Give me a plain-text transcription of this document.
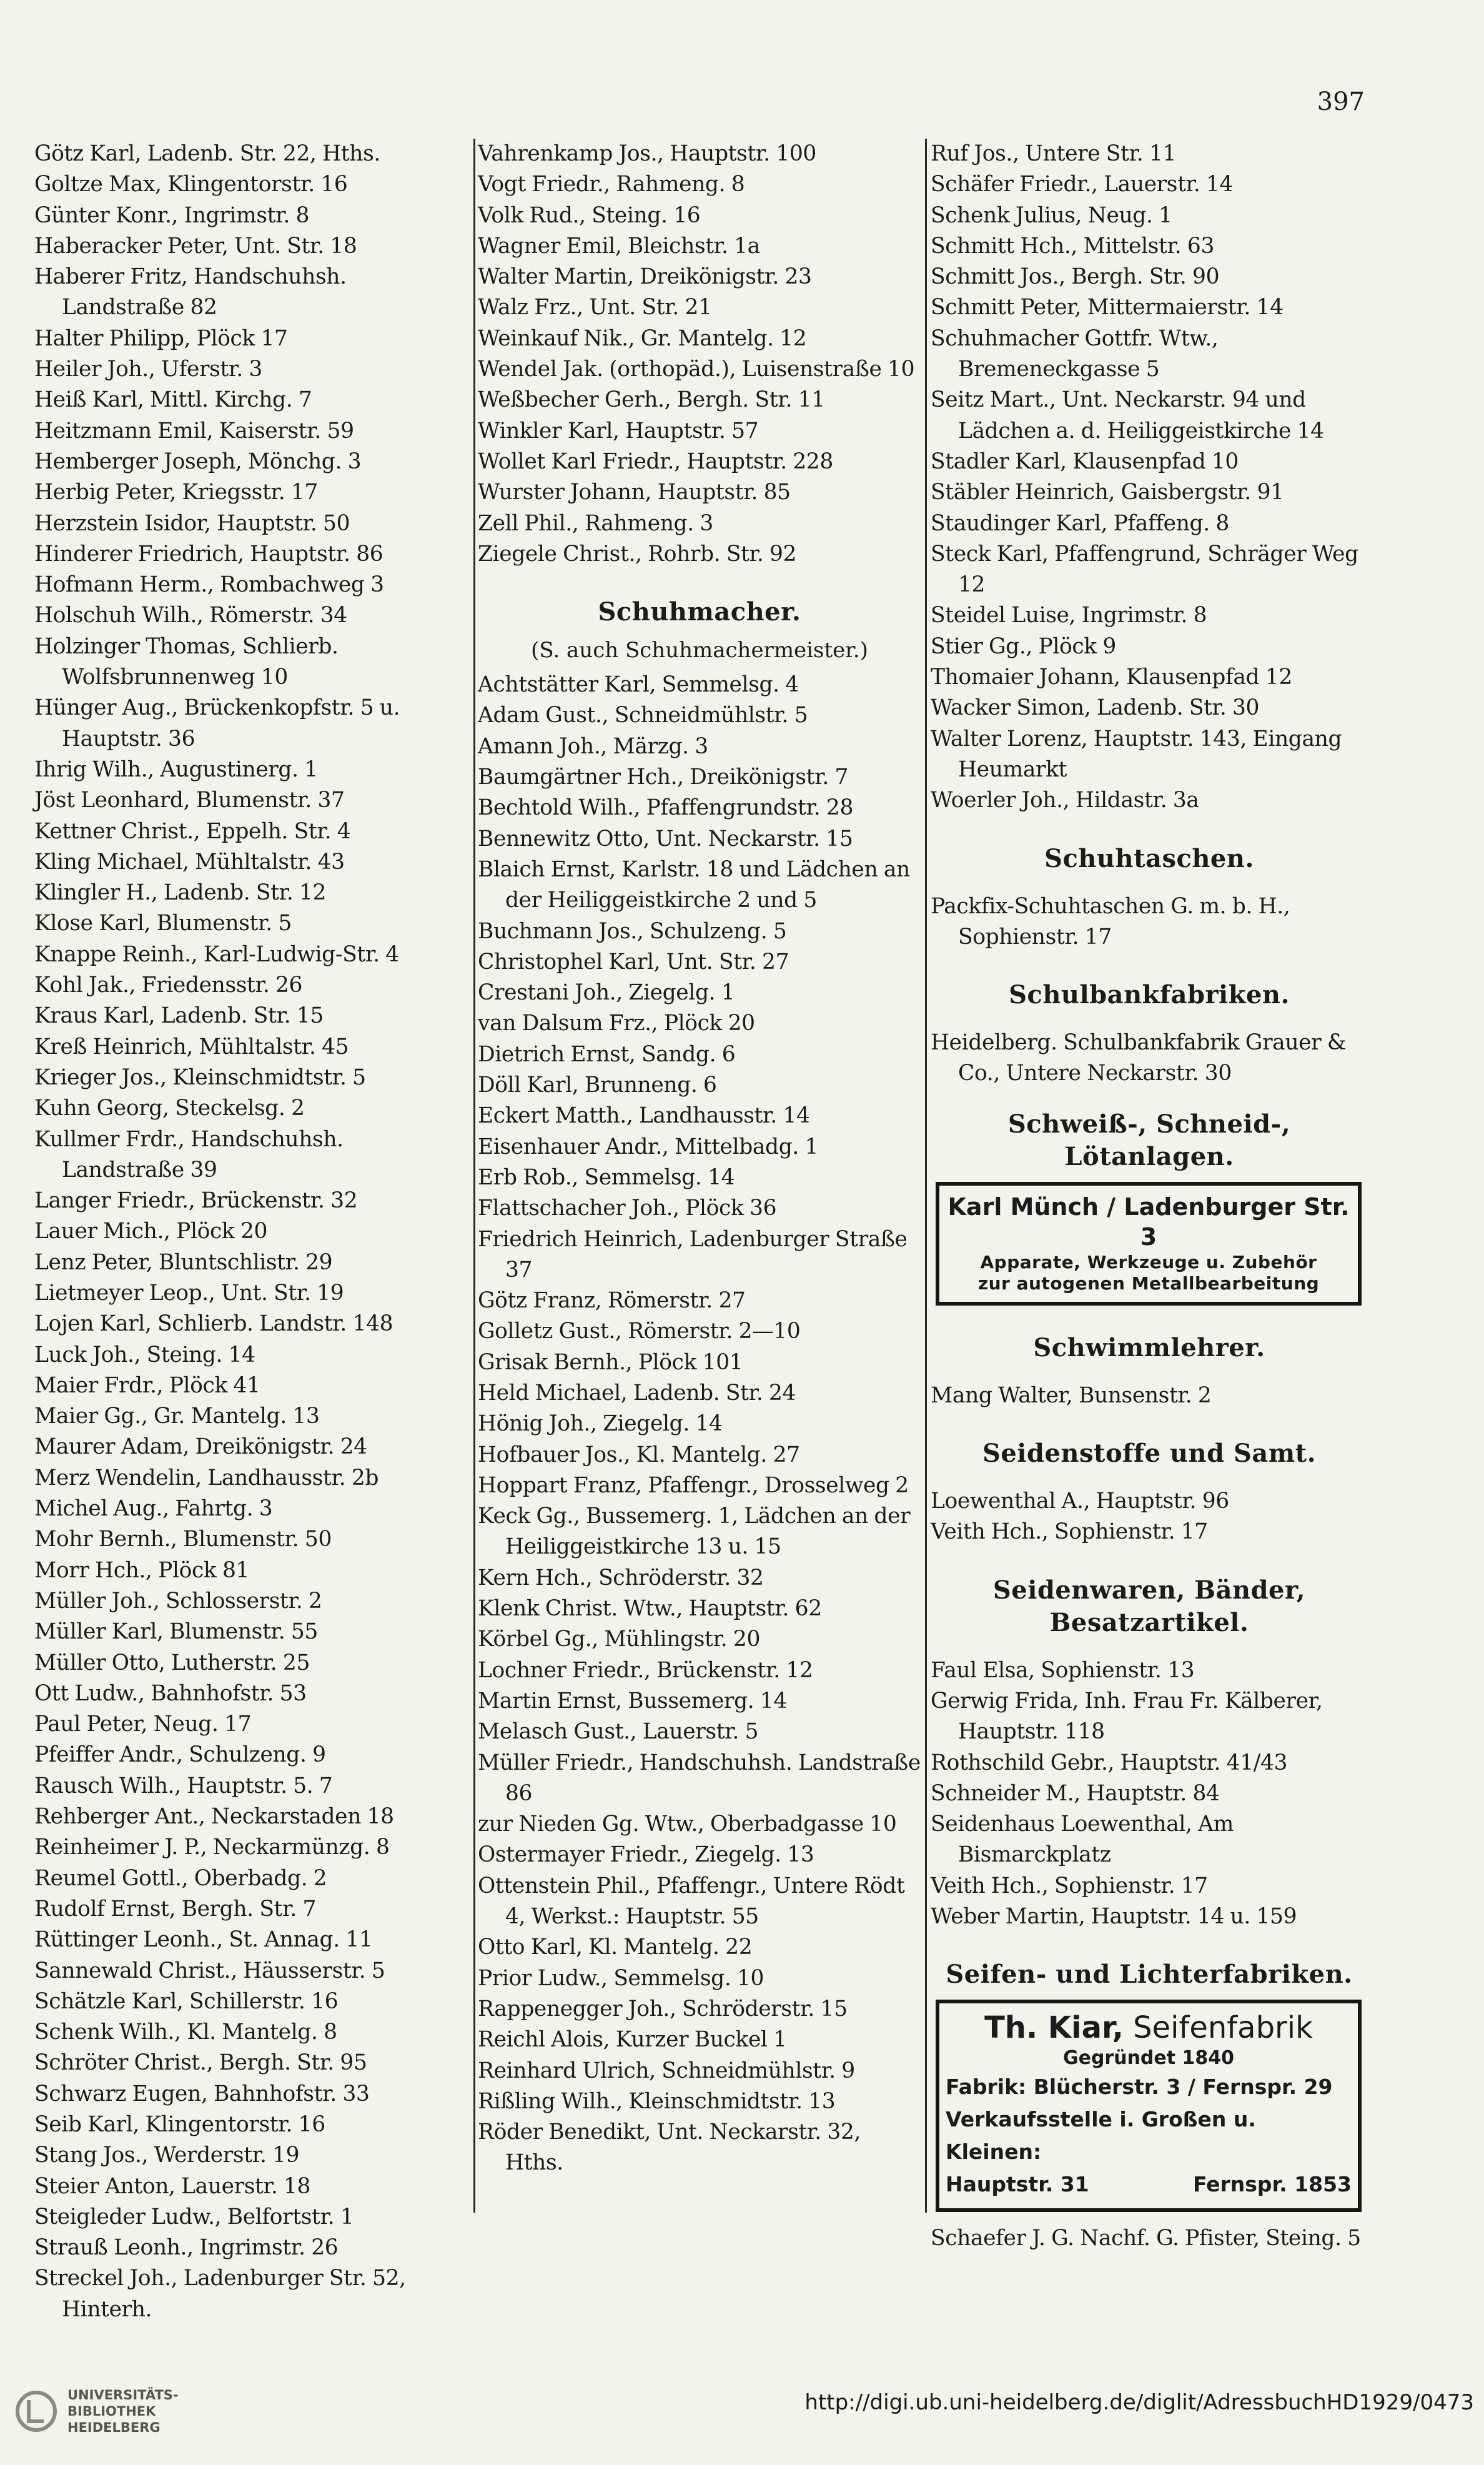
397
Götz Karl, Ladenb. Str. 22, Hths.
Goltze Max, Klingentorstr. 16
Günter Konr., Ingrimstr. 8
Haberacker Peter, Unt. Str. 18
Haberer Fritz, Handschuhsh. Landstraße 82
Halter Philipp, Plöck 17
Heiler Joh., Uferstr. 3
Heiß Karl, Mittl. Kirchg. 7
Heitzmann Emil, Kaiserstr. 59
Hemberger Joseph, Mönchg. 3
Herbig Peter, Kriegsstr. 17
Herzstein Isidor, Hauptstr. 50
Hinderer Friedrich, Hauptstr. 86
Hofmann Herm., Rombachweg 3
Holschuh Wilh., Römerstr. 34
Holzinger Thomas, Schlierb. Wolfsbrunnenweg 10
Hünger Aug., Brückenkopfstr. 5 u. Hauptstr. 36
Ihrig Wilh., Augustinerg. 1
Jöst Leonhard, Blumenstr. 37
Kettner Christ., Eppelh. Str. 4
Kling Michael, Mühltalstr. 43
Klingler H., Ladenb. Str. 12
Klose Karl, Blumenstr. 5
Knappe Reinh., Karl-Ludwig-Str. 4
Kohl Jak., Friedensstr. 26
Kraus Karl, Ladenb. Str. 15
Kreß Heinrich, Mühltalstr. 45
Krieger Jos., Kleinschmidtstr. 5
Kuhn Georg, Steckelsg. 2
Kullmer Frdr., Handschuhsh. Landstraße 39
Langer Friedr., Brückenstr. 32
Lauer Mich., Plöck 20
Lenz Peter, Bluntschlistr. 29
Lietmeyer Leop., Unt. Str. 19
Lojen Karl, Schlierb. Landstr. 148
Luck Joh., Steing. 14
Maier Frdr., Plöck 41
Maier Gg., Gr. Mantelg. 13
Maurer Adam, Dreikönigstr. 24
Merz Wendelin, Landhausstr. 2b
Michel Aug., Fahrtg. 3
Mohr Bernh., Blumenstr. 50
Morr Hch., Plöck 81
Müller Joh., Schlosserstr. 2
Müller Karl, Blumenstr. 55
Müller Otto, Lutherstr. 25
Ott Ludw., Bahnhofstr. 53
Paul Peter, Neug. 17
Pfeiffer Andr., Schulzeng. 9
Rausch Wilh., Hauptstr. 5. 7
Rehberger Ant., Neckarstaden 18
Reinheimer J. P., Neckarmünzg. 8
Reumel Gottl., Oberbadg. 2
Rudolf Ernst, Bergh. Str. 7
Rüttinger Leonh., St. Annag. 11
Sannewald Christ., Häusserstr. 5
Schätzle Karl, Schillerstr. 16
Schenk Wilh., Kl. Mantelg. 8
Schröter Christ., Bergh. Str. 95
Schwarz Eugen, Bahnhofstr. 33
Seib Karl, Klingentorstr. 16
Stang Jos., Werderstr. 19
Steier Anton, Lauerstr. 18
Steigleder Ludw., Belfortstr. 1
Strauß Leonh., Ingrimstr. 26
Streckel Joh., Ladenburger Str. 52, Hinterh.
Vahrenkamp Jos., Hauptstr. 100
Vogt Friedr., Rahmeng. 8
Volk Rud., Steing. 16
Wagner Emil, Bleichstr. 1a
Walter Martin, Dreikönigstr. 23
Walz Frz., Unt. Str. 21
Weinkauf Nik., Gr. Mantelg. 12
Wendel Jak. (orthopäd.), Luisenstraße 10
Weßbecher Gerh., Bergh. Str. 11
Winkler Karl, Hauptstr. 57
Wollet Karl Friedr., Hauptstr. 228
Wurster Johann, Hauptstr. 85
Zell Phil., Rahmeng. 3
Ziegele Christ., Rohrb. Str. 92
Schuhmacher.
(S. auch Schuhmachermeister.)
Achtstätter Karl, Semmelsg. 4
Adam Gust., Schneidmühlstr. 5
Amann Joh., Märzg. 3
Baumgärtner Hch., Dreikönigstr. 7
Bechtold Wilh., Pfaffengrundstr. 28
Bennewitz Otto, Unt. Neckarstr. 15
Blaich Ernst, Karlstr. 18 und Lädchen an der Heiliggeistkirche 2 und 5
Buchmann Jos., Schulzeng. 5
Christophel Karl, Unt. Str. 27
Crestani Joh., Ziegelg. 1
van Dalsum Frz., Plöck 20
Dietrich Ernst, Sandg. 6
Döll Karl, Brunneng. 6
Eckert Matth., Landhausstr. 14
Eisenhauer Andr., Mittelbadg. 1
Erb Rob., Semmelsg. 14
Flattschacher Joh., Plöck 36
Friedrich Heinrich, Ladenburger Straße 37
Götz Franz, Römerstr. 27
Golletz Gust., Römerstr. 2—10
Grisak Bernh., Plöck 101
Held Michael, Ladenb. Str. 24
Hönig Joh., Ziegelg. 14
Hofbauer Jos., Kl. Mantelg. 27
Hoppart Franz, Pfaffengr., Drosselweg 2
Keck Gg., Bussemerg. 1, Lädchen an der Heiliggeistkirche 13 u. 15
Kern Hch., Schröderstr. 32
Klenk Christ. Wtw., Hauptstr. 62
Körbel Gg., Mühlingstr. 20
Lochner Friedr., Brückenstr. 12
Martin Ernst, Bussemerg. 14
Melasch Gust., Lauerstr. 5
Müller Friedr., Handschuhsh. Landstraße 86
zur Nieden Gg. Wtw., Oberbadgasse 10
Ostermayer Friedr., Ziegelg. 13
Ottenstein Phil., Pfaffengr., Untere Rödt 4, Werkst.: Hauptstr. 55
Otto Karl, Kl. Mantelg. 22
Prior Ludw., Semmelsg. 10
Rappenegger Joh., Schröderstr. 15
Reichl Alois, Kurzer Buckel 1
Reinhard Ulrich, Schneidmühlstr. 9
Rißling Wilh., Kleinschmidtstr. 13
Röder Benedikt, Unt. Neckarstr. 32, Hths.
Ruf Jos., Untere Str. 11
Schäfer Friedr., Lauerstr. 14
Schenk Julius, Neug. 1
Schmitt Hch., Mittelstr. 63
Schmitt Jos., Bergh. Str. 90
Schmitt Peter, Mittermaierstr. 14
Schuhmacher Gottfr. Wtw., Bremeneckgasse 5
Seitz Mart., Unt. Neckarstr. 94 und Lädchen a. d. Heiliggeistkirche 14
Stadler Karl, Klausenpfad 10
Stäbler Heinrich, Gaisbergstr. 91
Staudinger Karl, Pfaffeng. 8
Steck Karl, Pfaffengrund, Schräger Weg 12
Steidel Luise, Ingrimstr. 8
Stier Gg., Plöck 9
Thomaier Johann, Klausenpfad 12
Wacker Simon, Ladenb. Str. 30
Walter Lorenz, Hauptstr. 143, Eingang Heumarkt
Woerler Joh., Hildastr. 3a
Schuhtaschen.
Packfix-Schuhtaschen G. m. b. H., Sophienstr. 17
Schulbankfabriken.
Heidelberg. Schulbankfabrik Grauer & Co., Untere Neckarstr. 30
Schweiß-, Schneid-, Lötanlagen.
Karl Münch / Ladenburger Str. 3
Apparate, Werkzeuge u. Zubehör
zur autogenen Metallbearbeitung
Schwimmlehrer.
Mang Walter, Bunsenstr. 2
Seidenstoffe und Samt.
Loewenthal A., Hauptstr. 96
Veith Hch., Sophienstr. 17
Seidenwaren, Bänder, Besatzartikel.
Faul Elsa, Sophienstr. 13
Gerwig Frida, Inh. Frau Fr. Kälberer, Hauptstr. 118
Rothschild Gebr., Hauptstr. 41/43
Schneider M., Hauptstr. 84
Seidenhaus Loewenthal, Am Bismarckplatz
Veith Hch., Sophienstr. 17
Weber Martin, Hauptstr. 14 u. 159
Seifen- und Lichterfabriken.
Th. Kiar, Seifenfabrik
Gegründet 1840
Fabrik: Blücherstr. 3 / Fernspr. 29
Verkaufsstelle i. Großen u. Kleinen:
Hauptstr. 31	Fernspr. 1853
Schaefer J. G. Nachf. G. Pfister, Steing. 5
UNIVERSITÄTS-
BIBLIOTHEK
HEIDELBERG
http://digi.ub.uni-heidelberg.de/diglit/AdressbuchHD1929/0473
